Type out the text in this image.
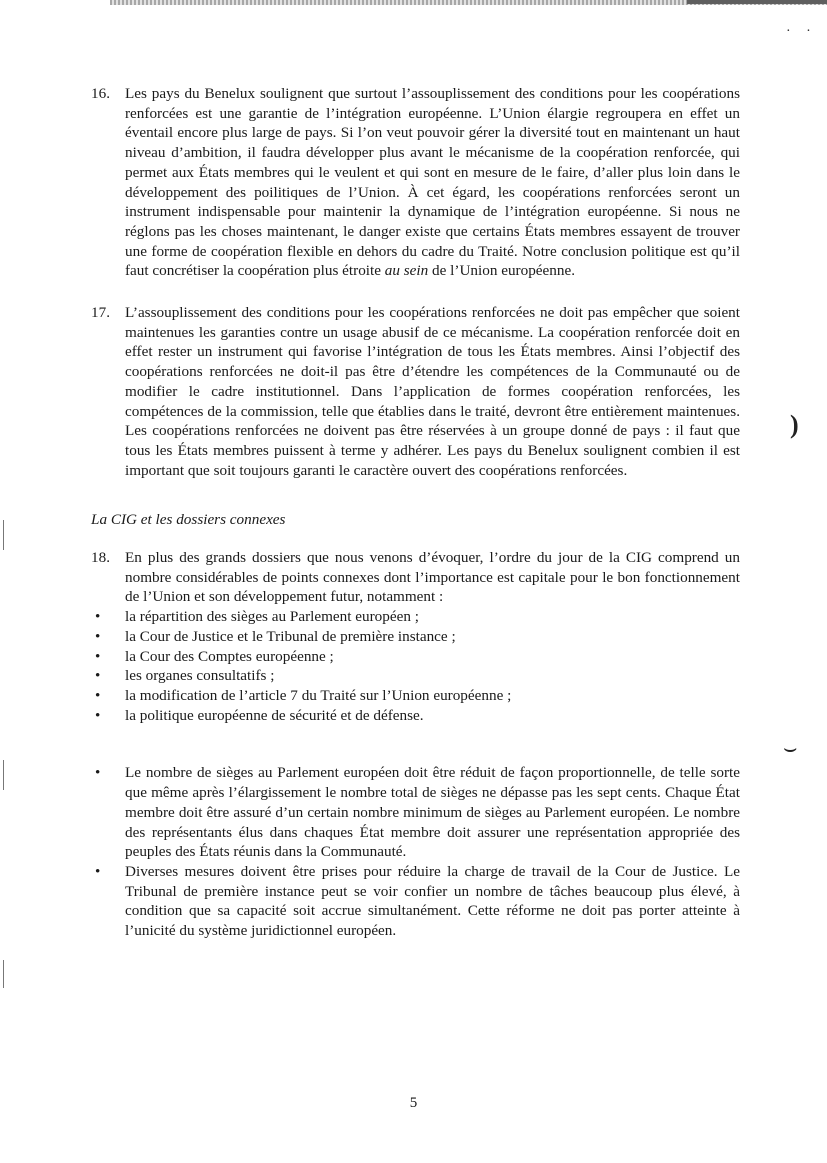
· ·
)
⌣

16. Les pays du Benelux soulignent que surtout l’assouplissement des conditions pour les coopérations renforcées est une garantie de l’intégration européenne. L’Union élargie regroupera en effet un éventail encore plus large de pays. Si l’on veut pouvoir gérer la diversité tout en maintenant un haut niveau d’ambition, il faudra développer plus avant le mécanisme de la coopération renforcée, qui permet aux États membres qui le veulent et qui sont en mesure de le faire, d’aller plus loin dans le développement des poilitiques de l’Union. À cet égard, les coopérations renforcées seront un instrument indispensable pour maintenir la dynamique de l’intégration européenne. Si nous ne réglons pas les choses maintenant, le danger existe que certains États membres essayent de trouver une forme de coopération flexible en dehors du cadre du Traité. Notre conclusion politique est qu’il faut concrétiser la coopération plus étroite au sein de l’Union européenne.

17. L’assouplissement des conditions pour les coopérations renforcées ne doit pas empêcher que soient maintenues les garanties contre un usage abusif de ce mécanisme. La coopération renforcée doit en effet rester un instrument qui favorise l’intégration de tous les États membres. Ainsi l’objectif des coopérations renforcées ne doit-il pas être d’étendre les compétences de la Communauté ou de modifier le cadre institutionnel. Dans l’application de formes coopération renforcées, les compétences de la commission, telle que établies dans le traité, devront être entièrement maintenues. Les coopérations renforcées ne doivent pas être réservées à un groupe donné de pays : il faut que tous les États membres puissent à terme y adhérer. Les pays du Benelux soulignent combien il est important que soit toujours garanti le caractère ouvert des coopérations renforcées.

La CIG et les dossiers connexes

18. En plus des grands dossiers que nous venons d’évoquer, l’ordre du jour de la CIG comprend un nombre considérables de points connexes dont l’importance est capitale pour le bon fonctionnement de l’Union et son développement futur, notamment :

• la répartition des sièges au Parlement européen ;
• la Cour de Justice et le Tribunal de première instance ;
• la Cour des Comptes européenne ;
• les organes consultatifs ;
• la modification de l’article 7 du Traité sur l’Union européenne ;
• la politique européenne de sécurité et de défense.
• Le nombre de sièges au Parlement européen doit être réduit de façon proportionnelle, de telle sorte que même après l’élargissement le nombre total de sièges ne dépasse pas les sept cents. Chaque État membre doit être assuré d’un certain nombre minimum de sièges au Parlement européen. Le nombre des représentants élus dans chaques État membre doit assurer une représentation appropriée des peuples des États réunis dans la Communauté.
• Diverses mesures doivent être prises pour réduire la charge de travail de la Cour de Justice. Le Tribunal de première instance peut se voir confier un nombre de tâches beaucoup plus élevé, à condition que sa capacité soit accrue simultanément. Cette réforme ne doit pas porter atteinte à l’unicité du système juridictionnel européen.
5
